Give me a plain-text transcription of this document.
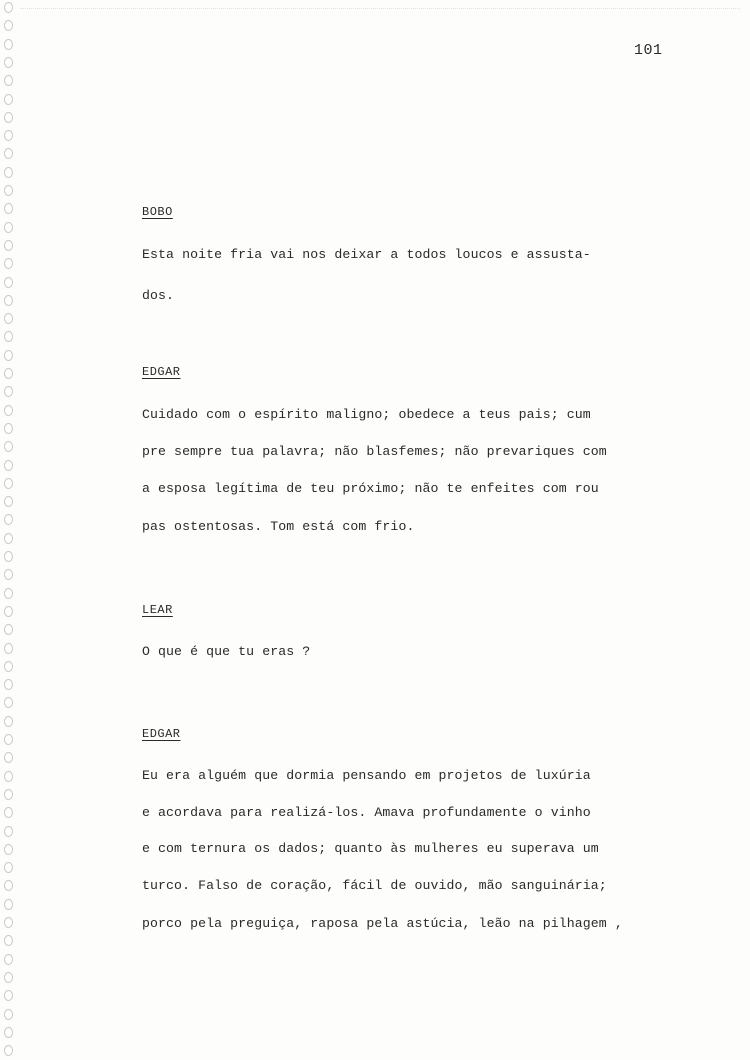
101
BOBO
Esta noite fria vai nos deixar a todos loucos e assusta-
dos.
EDGAR
Cuidado com o espírito maligno; obedece a teus pais; cum
pre sempre tua palavra; não blasfemes; não prevariques com
a esposa legítima de teu próximo; não te enfeites com rou
pas ostentosas. Tom está com frio.
LEAR
O que é que tu eras ?
EDGAR
Eu era alguém que dormia pensando em projetos de luxúria
e acordava para realizá-los. Amava profundamente o vinho
e com ternura os dados; quanto às mulheres eu superava um
turco. Falso de coração, fácil de ouvido, mão sanguinária;
porco pela preguiça, raposa pela astúcia, leão na pilhagem ,
